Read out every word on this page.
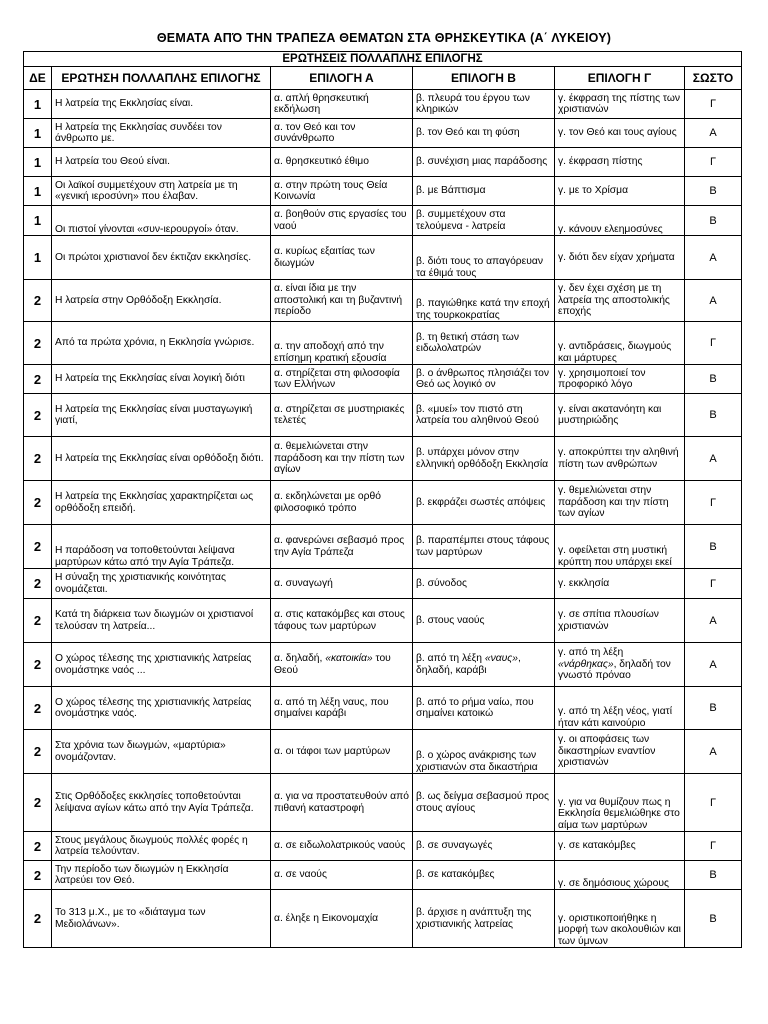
ΘΕΜΑΤΑ ΑΠΌ ΤΗΝ ΤΡΑΠΕΖΑ ΘΕΜΑΤΩΝ ΣΤΑ ΘΡΗΣΚΕΥΤΙΚΑ (Α΄ ΛΥΚΕΙΟΥ)
ΕΡΩΤΗΣΕΙΣ ΠΟΛΛΑΠΛΗΣ ΕΠΙΛΟΓΗΣ					
ΔΕ	ΕΡΩΤΗΣΗ ΠΟΛΛΑΠΛΗΣ ΕΠΙΛΟΓΗΣ	ΕΠΙΛΟΓΗ Α	ΕΠΙΛΟΓΗ Β	ΕΠΙΛΟΓΗ Γ	ΣΩΣΤΟ
1	Η λατρεία της Εκκλησίας είναι.	α. απλή θρησκευτική εκδήλωση	β. πλευρά του έργου των κληρικών	γ. έκφραση της πίστης των χριστιανών	Γ
1	Η λατρεία της Εκκλησίας συνδέει τον άνθρωπο με.	α. τον Θεό και τον συνάνθρωπο	β. τον Θεό και τη φύση	γ. τον Θεό και τους αγίους	Α
1	Η λατρεία του Θεού είναι.	α. θρησκευτικό έθιμο	β. συνέχιση μιας παράδοσης	γ. έκφραση πίστης	Γ
1	Οι λαϊκοί συμμετέχουν στη λατρεία με τη «γενική ιεροσύνη» που έλαβαν.	α. στην πρώτη τους Θεία Κοινωνία	β. με Βάπτισμα	γ. με το Χρίσμα	Β
1	Οι πιστοί γίνονται «συν-ιερουργοί» όταν.	α. βοηθούν στις εργασίες του ναού	β. συμμετέχουν στα τελούμενα - λατρεία	γ. κάνουν ελεημοσύνες	Β
1	Οι πρώτοι χριστιανοί δεν έκτιζαν εκκλησίες.	α. κυρίως εξαιτίας των διωγμών	β. διότι τους το απαγόρευαν τα έθιμά τους	γ. διότι δεν είχαν χρήματα	Α
2	Η λατρεία στην Ορθόδοξη Εκκλησία.	α. είναι ίδια με την αποστολική και τη βυζαντινή περίοδο	β. παγιώθηκε κατά την εποχή της τουρκοκρατίας	γ. δεν έχει σχέση με τη λατρεία της αποστολικής εποχής	Α
2	Από τα πρώτα χρόνια, η Εκκλησία γνώρισε.	α. την αποδοχή από την επίσημη κρατική εξουσία	β. τη θετική στάση των ειδωλολατρών	γ. αντιδράσεις, διωγμούς και μάρτυρες	Γ
2	Η λατρεία της Εκκλησίας είναι λογική διότι	α. στηρίζεται στη φιλοσοφία των Ελλήνων	β. ο άνθρωπος πλησιάζει τον Θεό ως λογικό ον	γ. χρησιμοποιεί τον προφορικό λόγο	Β
2	Η λατρεία της Εκκλησίας είναι μυσταγωγική γιατί,	α. στηρίζεται σε μυστηριακές τελετές	β. «μυεί» τον πιστό στη λατρεία του αληθινού Θεού	γ. είναι ακατανόητη και μυστηριώδης	Β
2	Η λατρεία της Εκκλησίας είναι ορθόδοξη διότι.	α. θεμελιώνεται στην παράδοση και την πίστη των αγίων	β. υπάρχει μόνον στην ελληνική ορθόδοξη Εκκλησία	γ. αποκρύπτει την αληθινή πίστη των ανθρώπων	Α
2	Η λατρεία της Εκκλησίας χαρακτηρίζεται ως ορθόδοξη επειδή.	α. εκδηλώνεται με ορθό φιλοσοφικό τρόπο	β. εκφράζει σωστές απόψεις	γ. θεμελιώνεται στην παράδοση και την πίστη των αγίων	Γ
2	Η παράδοση να τοποθετούνται λείψανα μαρτύρων κάτω από την Αγία Τράπεζα.	α. φανερώνει σεβασμό προς την Αγία Τράπεζα	β. παραπέμπει στους τάφους των μαρτύρων	γ. οφείλεται στη μυστική κρύπτη που υπάρχει εκεί	Β
2	Η σύναξη της χριστιανικής κοινότητας ονομάζεται.	α. συναγωγή	β. σύνοδος	γ. εκκλησία	Γ
2	Κατά τη διάρκεια των διωγμών οι χριστιανοί τελούσαν τη λατρεία...	α. στις κατακόμβες και στους τάφους των μαρτύρων	β. στους ναούς	γ. σε σπίτια πλουσίων χριστιανών	Α
2	Ο χώρος τέλεσης της χριστιανικής λατρείας ονομάστηκε ναός ...	α. δηλαδή, «κατοικία» του Θεού	β. από τη λέξη «ναυς», δηλαδή, καράβι	γ. από τη λέξη «νάρθηκας», δηλαδή τον γνωστό πρόναο	Α
2	Ο χώρος τέλεσης της χριστιανικής λατρείας ονομάστηκε ναός.	α. από τη λέξη ναυς, που σημαίνει καράβι	β. από το ρήμα ναίω, που σημαίνει κατοικώ	γ. από τη λέξη νέος, γιατί ήταν κάτι καινούριο	Β
2	Στα χρόνια των διωγμών, «μαρτύρια» ονομάζονταν.	α. οι τάφοι των μαρτύρων	β. ο χώρος ανάκρισης των χριστιανών στα δικαστήρια	γ. οι αποφάσεις των δικαστηρίων εναντίον χριστιανών	Α
2	Στις Ορθόδοξες εκκλησίες τοποθετούνται λείψανα αγίων κάτω από την Αγία Τράπεζα.	α. για να προστατευθούν από πιθανή καταστροφή	β. ως δείγμα σεβασμού προς στους αγίους	γ. για να θυμίζουν πως η Εκκλησία θεμελιώθηκε στο αίμα των μαρτύρων	Γ
2	Στους μεγάλους διωγμούς πολλές φορές η λατρεία τελούνταν.	α. σε ειδωλολατρικούς ναούς	β. σε συναγωγές	γ. σε κατακόμβες	Γ
2	Την περίοδο των διωγμών η Εκκλησία λατρεύει τον Θεό.	α. σε ναούς	β. σε κατακόμβες	γ. σε δημόσιους χώρους	Β
2	Το 313 μ.Χ., με το «διάταγμα των Μεδιολάνων».	α. έληξε η Εικονομαχία	β. άρχισε η ανάπτυξη της χριστιανικής λατρείας	γ. οριστικοποιήθηκε η μορφή των ακολουθιών και των ύμνων	Β
